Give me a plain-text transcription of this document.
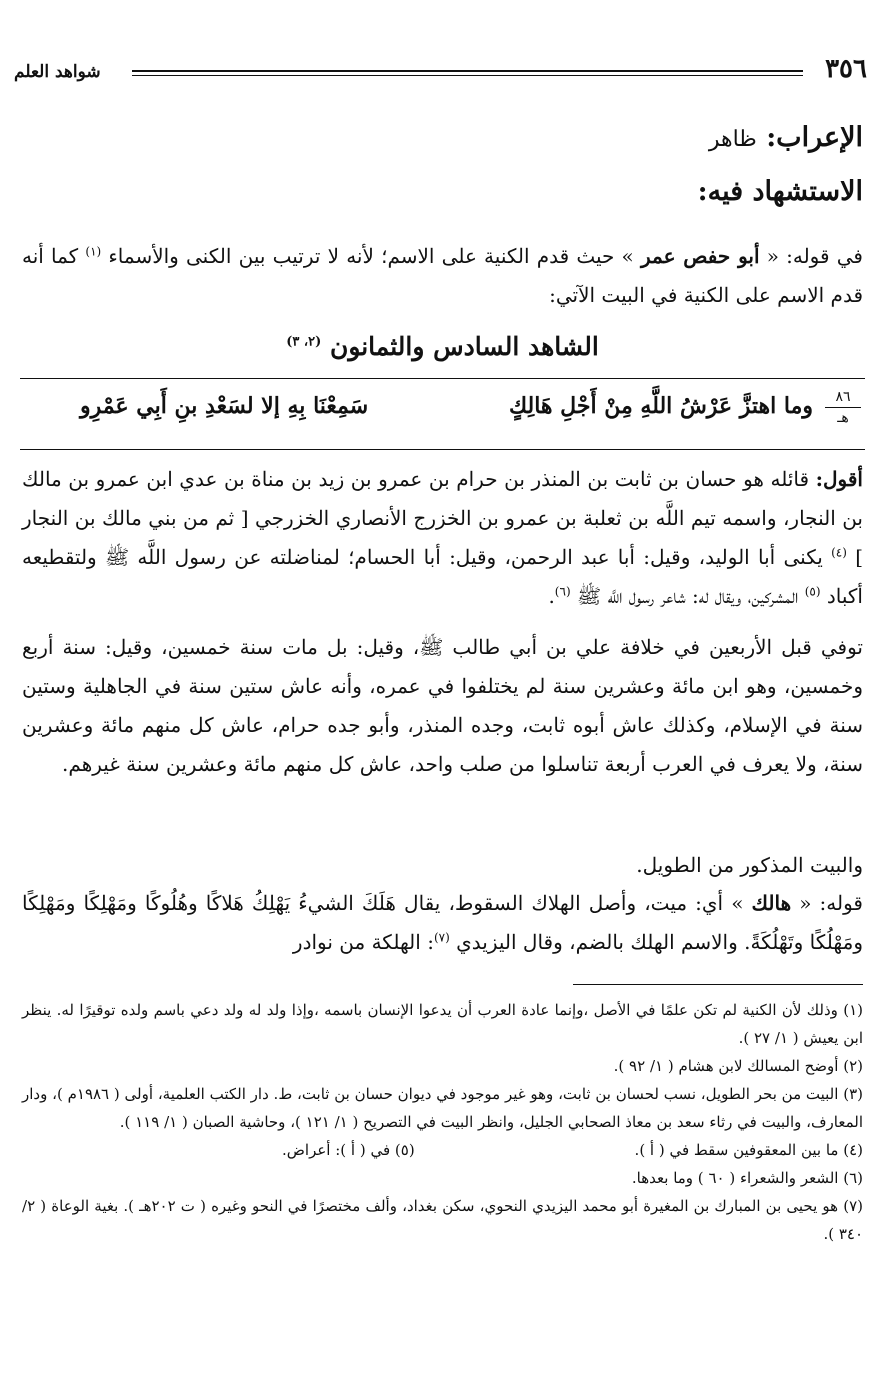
٣٥٦
شواهد العلم
الإعراب: ظاهر
الاستشهاد فيه:
في قوله: « أبو حفص عمر » حيث قدم الكنية على الاسم؛ لأنه لا ترتيب بين الكنى والأسماء $^{(١)}$ كما أنه قدم الاسم على الكنية في البيت الآتي:
الشاهد السادس والثمانون $^{(٢، ٣)}$
٨٦
هـ
وما اهتزَّ عَرْشُ اللَّهِ مِنْ أَجْلِ هَالِكٍ
سَمِعْنَا بِهِ إلا لسَعْدِ بنِ أَبِي عَمْرِو
أقول: قائله هو حسان بن ثابت بن المنذر بن حرام بن عمرو بن زيد بن مناة بن عدي ابن عمرو بن مالك بن النجار، واسمه تيم اللَّه بن ثعلبة بن عمرو بن الخزرج الأنصاري الخزرجي [ ثم من بني مالك بن النجار ] $^{(٤)}$ يكنى أبا الوليد، وقيل: أبا عبد الرحمن، وقيل: أبا الحسام؛ لمناضلته عن رسول اللَّه ﷺ ولتقطيعه أكباد $^{(٥)}$ المشركين، ويقال له: شاعر رسول اللَّه ﷺ $^{(٦)}$.
توفي قبل الأربعين في خلافة علي بن أبي طالب ﷺ، وقيل: بل مات سنة خمسين، وقيل: سنة أربع وخمسين، وهو ابن مائة وعشرين سنة لم يختلفوا في عمره، وأنه عاش ستين سنة في الجاهلية وستين سنة في الإسلام، وكذلك عاش أبوه ثابت، وجده المنذر، وأبو جده حرام، عاش كل منهم مائة وعشرين سنة، ولا يعرف في العرب أربعة تناسلوا من صلب واحد، عاش كل منهم مائة وعشرين سنة غيرهم.
والبيت المذكور من الطويل.
قوله: « هالك » أي: ميت، وأصل الهلاك السقوط، يقال هَلَكَ الشيءُ يَهْلِكُ هَلاكًا وهُلُوكًا ومَهْلِكًا ومَهْلِكًا ومَهْلُكًا وتَهْلُكَةً. والاسم الهلك بالضم، وقال اليزيدي $^{(٧)}$: الهلكة من نوادر
(١) وذلك لأن الكنية لم تكن علمًا في الأصل ،وإنما عادة العرب أن يدعوا الإنسان باسمه ،وإذا ولد له ولد دعي باسم ولده توقيرًا له. ينظر ابن يعيش ( ١/ ٢٧ ).
(٢) أوضح المسالك لابن هشام ( ١/ ٩٢ ).
(٣) البيت من بحر الطويل، نسب لحسان بن ثابت، وهو غير موجود في ديوان حسان بن ثابت، ط. دار الكتب العلمية، أولى ( ١٩٨٦م )، ودار المعارف، والبيت في رثاء سعد بن معاذ الصحابي الجليل، وانظر البيت في التصريح ( ١/ ١٢١ )، وحاشية الصبان ( ١/ ١١٩ ).
(٤) ما بين المعقوفين سقط في ( أ ).
(٥) في ( أ ): أعراض.
(٦) الشعر والشعراء ( ٦٠ ) وما بعدها.
(٧) هو يحيى بن المبارك بن المغيرة أبو محمد اليزيدي النحوي، سكن بغداد، وألف مختصرًا في النحو وغيره ( ت ٢٠٢هـ ). بغية الوعاة ( ٢/ ٣٤٠ ).
